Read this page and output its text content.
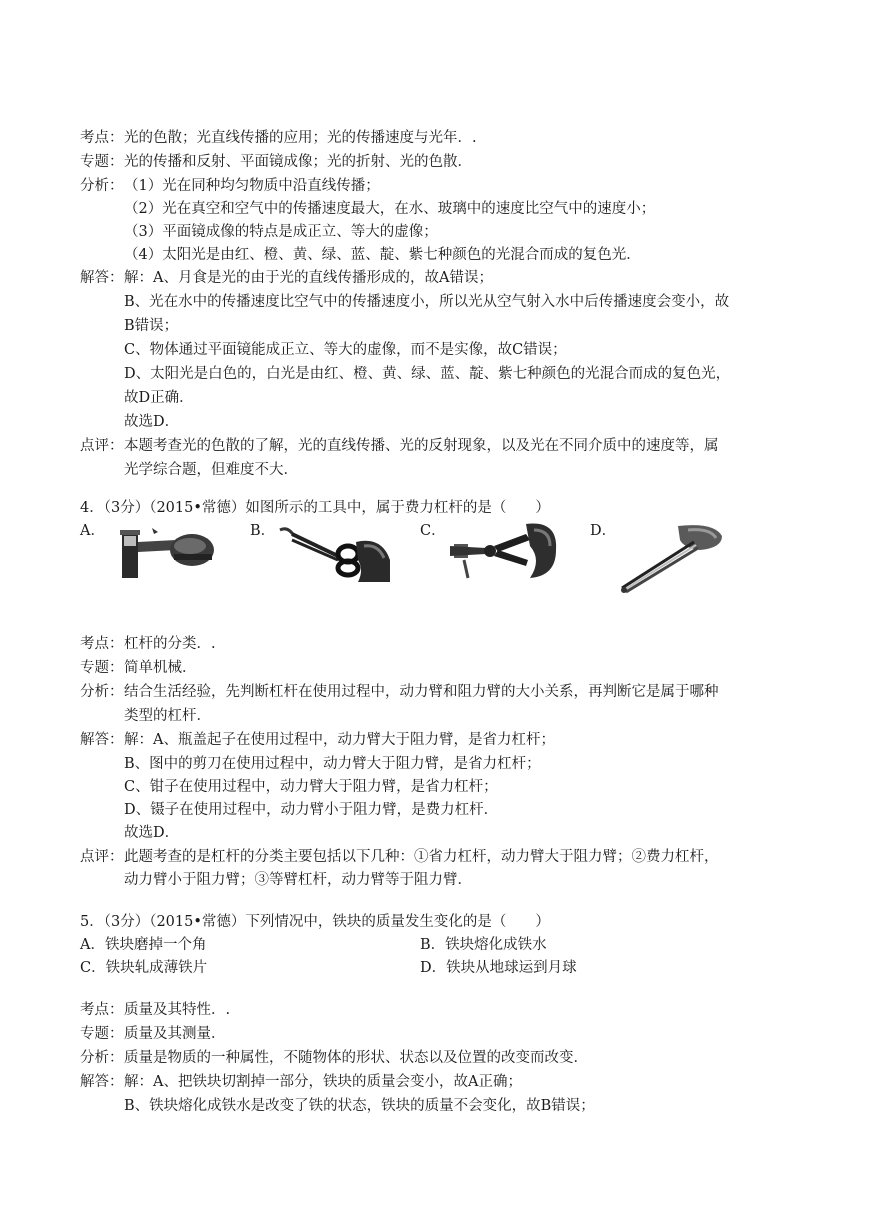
考点： 光的色散；光直线传播的应用；光的传播速度与光年．.
专题： 光的传播和反射、平面镜成像；光的折射、光的色散．
分析： （1）光在同种均匀物质中沿直线传播；
（2）光在真空和空气中的传播速度最大，在水、玻璃中的速度比空气中的速度小；
（3）平面镜成像的特点是成正立、等大的虚像；
（4）太阳光是由红、橙、黄、绿、蓝、靛、紫七种颜色的光混合而成的复色光．
解答： 解：A、月食是光的由于光的直线传播形成的，故A错误；
B、光在水中的传播速度比空气中的传播速度小，所以光从空气射入水中后传播速度会变小，故
B错误；
C、物体通过平面镜能成正立、等大的虚像，而不是实像，故C错误；
D、太阳光是白色的，白光是由红、橙、黄、绿、蓝、靛、紫七种颜色的光混合而成的复色光，
故D正确．
故选D．
点评： 本题考查光的色散的了解，光的直线传播、光的反射现象，以及光在不同介质中的速度等，属
光学综合题，但难度不大．
4．（3分）（2015•常德）如图所示的工具中，属于费力杠杆的是（　　）
A．	B．	C．	D．
考点： 杠杆的分类．.
专题： 简单机械．
分析： 结合生活经验，先判断杠杆在使用过程中，动力臂和阻力臂的大小关系，再判断它是属于哪种
类型的杠杆．
解答： 解：A、瓶盖起子在使用过程中，动力臂大于阻力臂，是省力杠杆；
B、图中的剪刀在使用过程中，动力臂大于阻力臂，是省力杠杆；
C、钳子在使用过程中，动力臂大于阻力臂，是省力杠杆；
D、镊子在使用过程中，动力臂小于阻力臂，是费力杠杆．
故选D．
点评： 此题考查的是杠杆的分类主要包括以下几种：①省力杠杆，动力臂大于阻力臂；②费力杠杆，
动力臂小于阻力臂；③等臂杠杆，动力臂等于阻力臂．
5．（3分）（2015•常德）下列情况中，铁块的质量发生变化的是（　　）
A．铁块磨掉一个角	B．铁块熔化成铁水
C．铁块轧成薄铁片	D．铁块从地球运到月球
考点： 质量及其特性．.
专题： 质量及其测量．
分析： 质量是物质的一种属性，不随物体的形状、状态以及位置的改变而改变．
解答： 解：A、把铁块切割掉一部分，铁块的质量会变小，故A正确；
B、铁块熔化成铁水是改变了铁的状态，铁块的质量不会变化，故B错误；
